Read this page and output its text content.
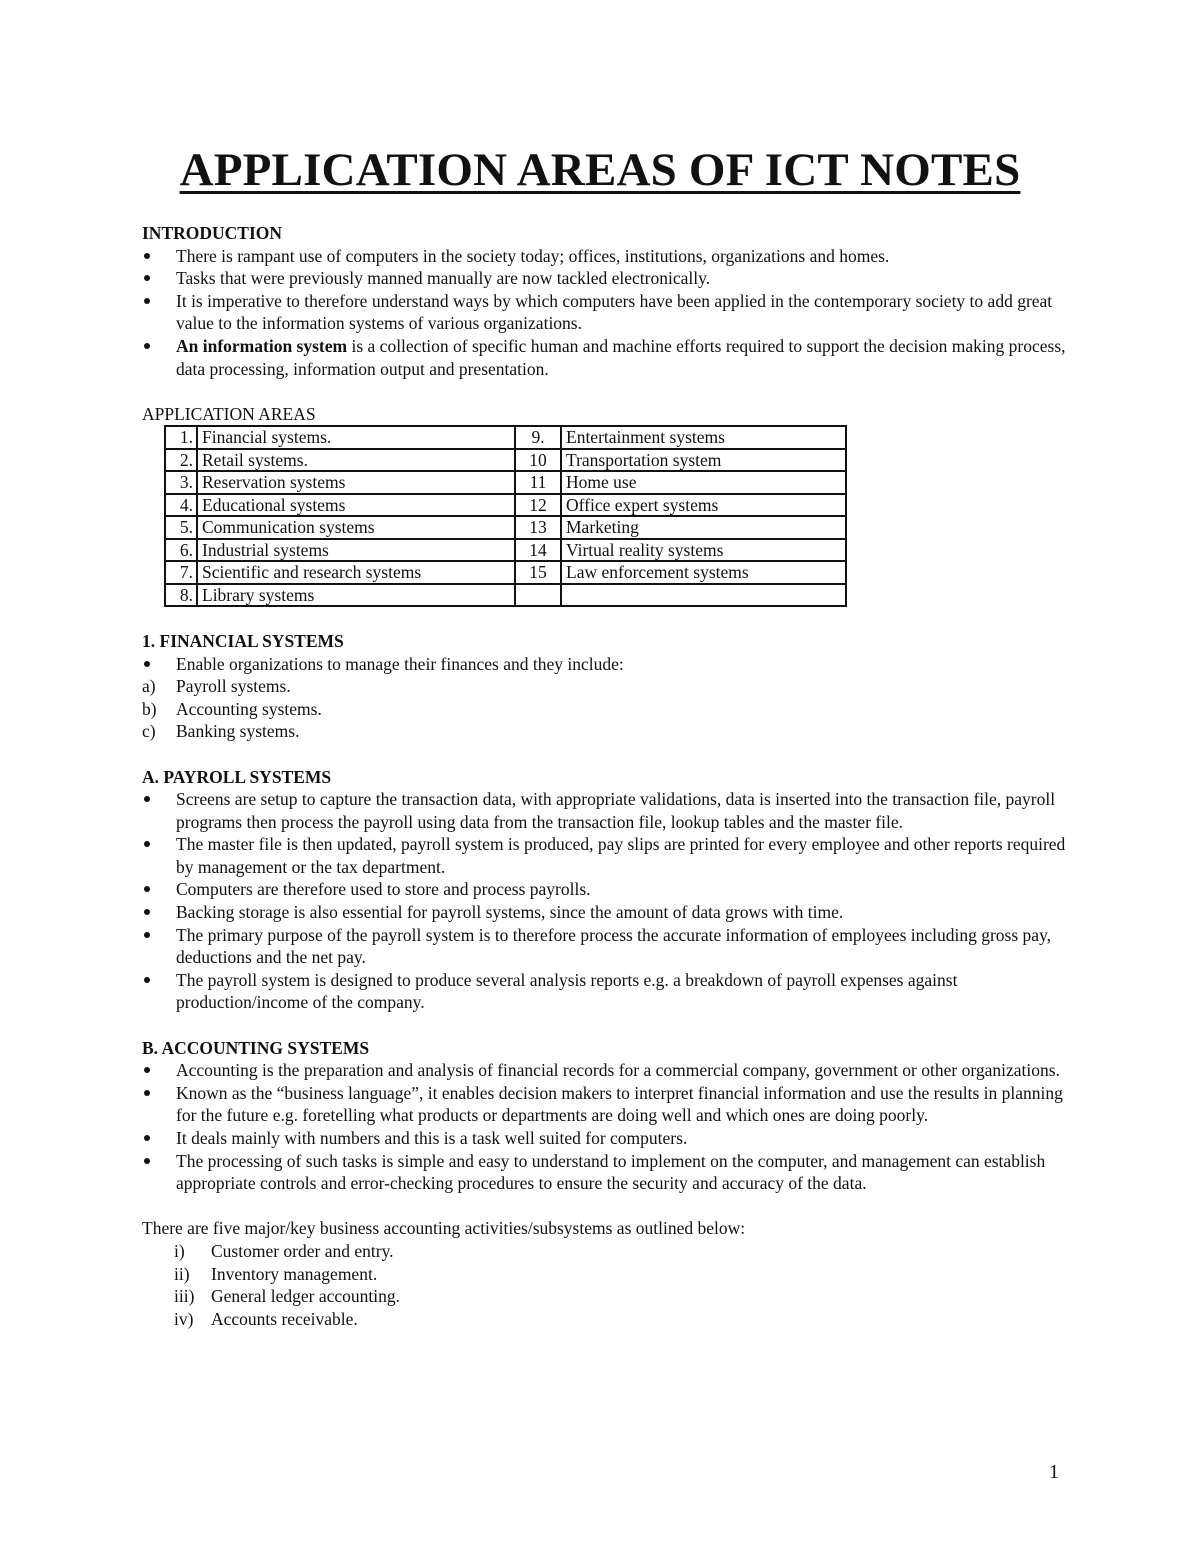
APPLICATION AREAS OF ICT NOTES

INTRODUCTION

There is rampant use of computers in the society today; offices, institutions, organizations and homes.
Tasks that were previously manned manually are now tackled electronically.
It is imperative to therefore understand ways by which computers have been applied in the contemporary society to add great value to the information systems of various organizations.
An information system is a collection of specific human and machine efforts required to support the decision making process, data processing, information output and presentation.

APPLICATION AREAS

1.	Financial systems.	9.	Entertainment systems
2.	Retail systems.	10	Transportation system
3.	Reservation systems	11	Home use
4.	Educational systems	12	Office expert systems
5.	Communication systems	13	Marketing
6.	Industrial systems	14	Virtual reality systems
7.	Scientific and research systems	15	Law enforcement systems
8.	Library systems		

1. FINANCIAL SYSTEMS

Enable organizations to manage their finances and they include:
a)	Payroll systems.
b)	Accounting systems.
c)	Banking systems.

A. PAYROLL SYSTEMS

Screens are setup to capture the transaction data, with appropriate validations, data is inserted into the transaction file, payroll programs then process the payroll using data from the transaction file, lookup tables and the master file.
The master file is then updated, payroll system is produced, pay slips are printed for every employee and other reports required by management or the tax department.
Computers are therefore used to store and process payrolls.
Backing storage is also essential for payroll systems, since the amount of data grows with time.
The primary purpose of the payroll system is to therefore process the accurate information of employees including gross pay, deductions and the net pay.
The payroll system is designed to produce several analysis reports e.g. a breakdown of payroll expenses against production/income of the company.

B. ACCOUNTING SYSTEMS

Accounting is the preparation and analysis of financial records for a commercial company, government or other organizations.
Known as the “business language”, it enables decision makers to interpret financial information and use the results in planning for the future e.g. foretelling what products or departments are doing well and which ones are doing poorly.
It deals mainly with numbers and this is a task well suited for computers.
The processing of such tasks is simple and easy to understand to implement on the computer, and management can establish appropriate controls and error-checking procedures to ensure the security and accuracy of the data.

There are five major/key business accounting activities/subsystems as outlined below:

i)	Customer order and entry.
ii)	Inventory management.
iii) General ledger accounting.
iv)	Accounts receivable.
1
